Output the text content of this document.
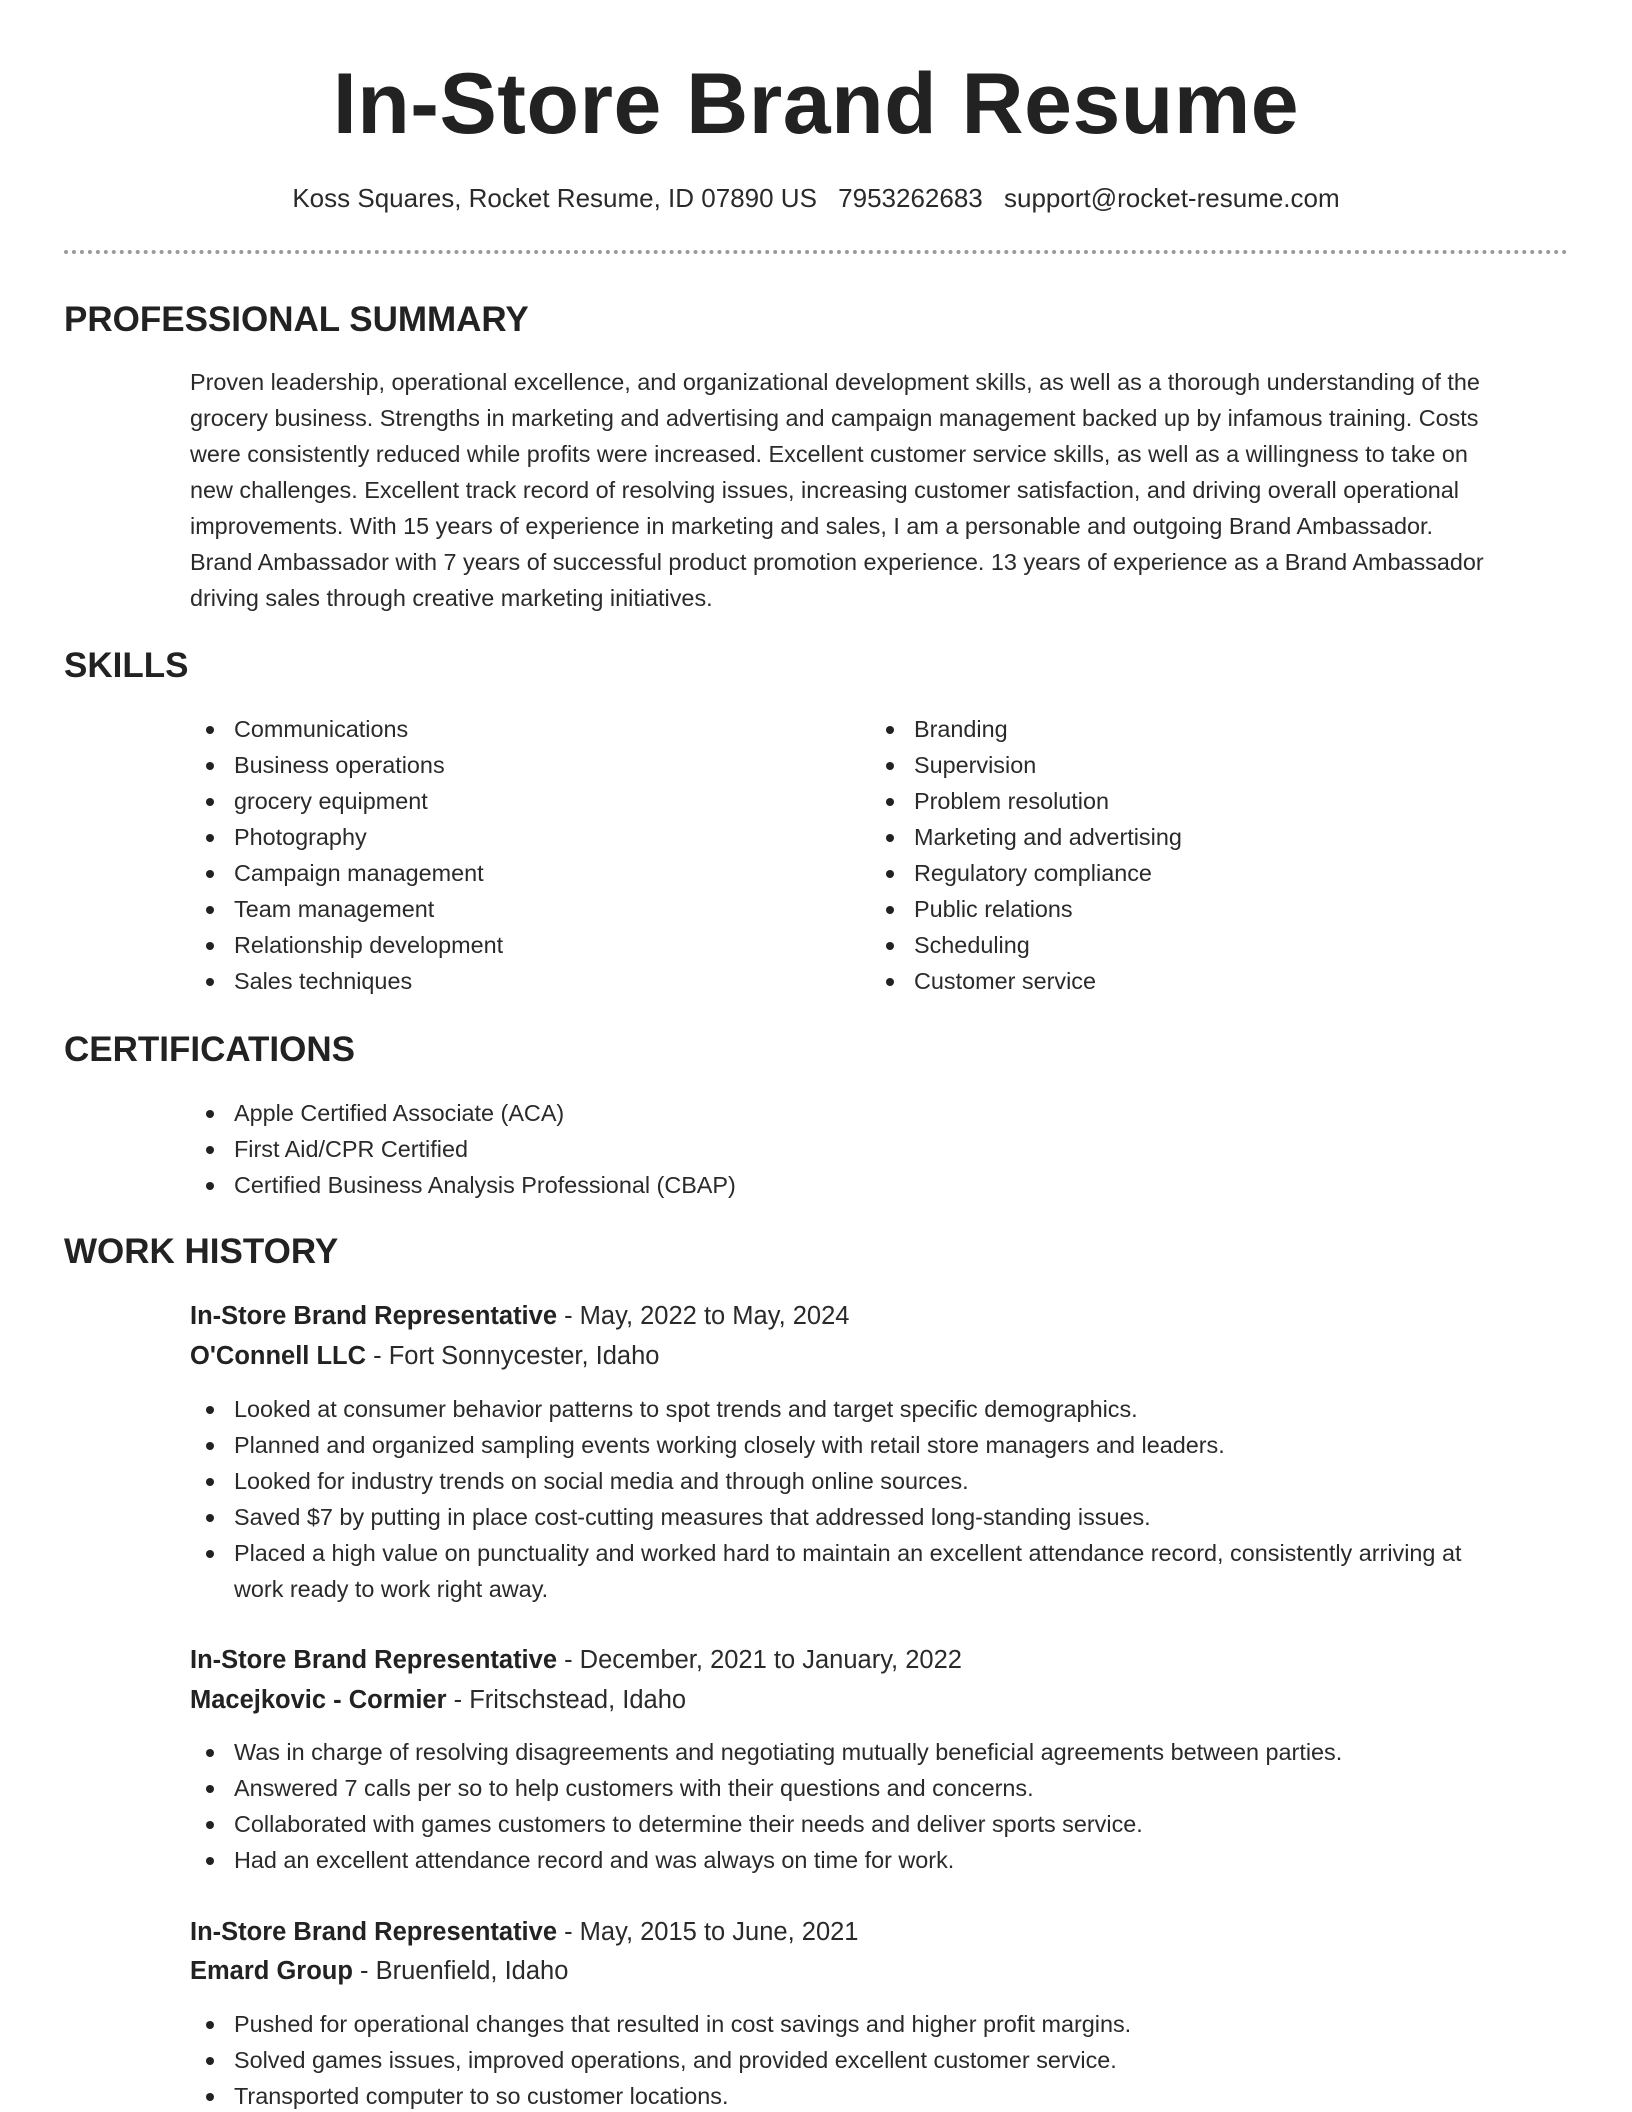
In-Store Brand Resume
Koss Squares, Rocket Resume, ID 07890 US 7953262683 support@rocket-resume.com
PROFESSIONAL SUMMARY
Proven leadership, operational excellence, and organizational development skills, as well as a thorough understanding of the
grocery business. Strengths in marketing and advertising and campaign management backed up by infamous training. Costs
were consistently reduced while profits were increased. Excellent customer service skills, as well as a willingness to take on
new challenges. Excellent track record of resolving issues, increasing customer satisfaction, and driving overall operational
improvements. With 15 years of experience in marketing and sales, I am a personable and outgoing Brand Ambassador.
Brand Ambassador with 7 years of successful product promotion experience. 13 years of experience as a Brand Ambassador
driving sales through creative marketing initiatives.
SKILLS
Communications
Business operations
grocery equipment
Photography
Campaign management
Team management
Relationship development
Sales techniques
Branding
Supervision
Problem resolution
Marketing and advertising
Regulatory compliance
Public relations
Scheduling
Customer service
CERTIFICATIONS
Apple Certified Associate (ACA)
First Aid/CPR Certified
Certified Business Analysis Professional (CBAP)
WORK HISTORY
In-Store Brand Representative - May, 2022 to May, 2024
O'Connell LLC - Fort Sonnycester, Idaho
Looked at consumer behavior patterns to spot trends and target specific demographics.
Planned and organized sampling events working closely with retail store managers and leaders.
Looked for industry trends on social media and through online sources.
Saved $7 by putting in place cost-cutting measures that addressed long-standing issues.
Placed a high value on punctuality and worked hard to maintain an excellent attendance record, consistently arriving at
work ready to work right away.
In-Store Brand Representative - December, 2021 to January, 2022
Macejkovic - Cormier - Fritschstead, Idaho
Was in charge of resolving disagreements and negotiating mutually beneficial agreements between parties.
Answered 7 calls per so to help customers with their questions and concerns.
Collaborated with games customers to determine their needs and deliver sports service.
Had an excellent attendance record and was always on time for work.
In-Store Brand Representative - May, 2015 to June, 2021
Emard Group - Bruenfield, Idaho
Pushed for operational changes that resulted in cost savings and higher profit margins.
Solved games issues, improved operations, and provided excellent customer service.
Transported computer to so customer locations.
